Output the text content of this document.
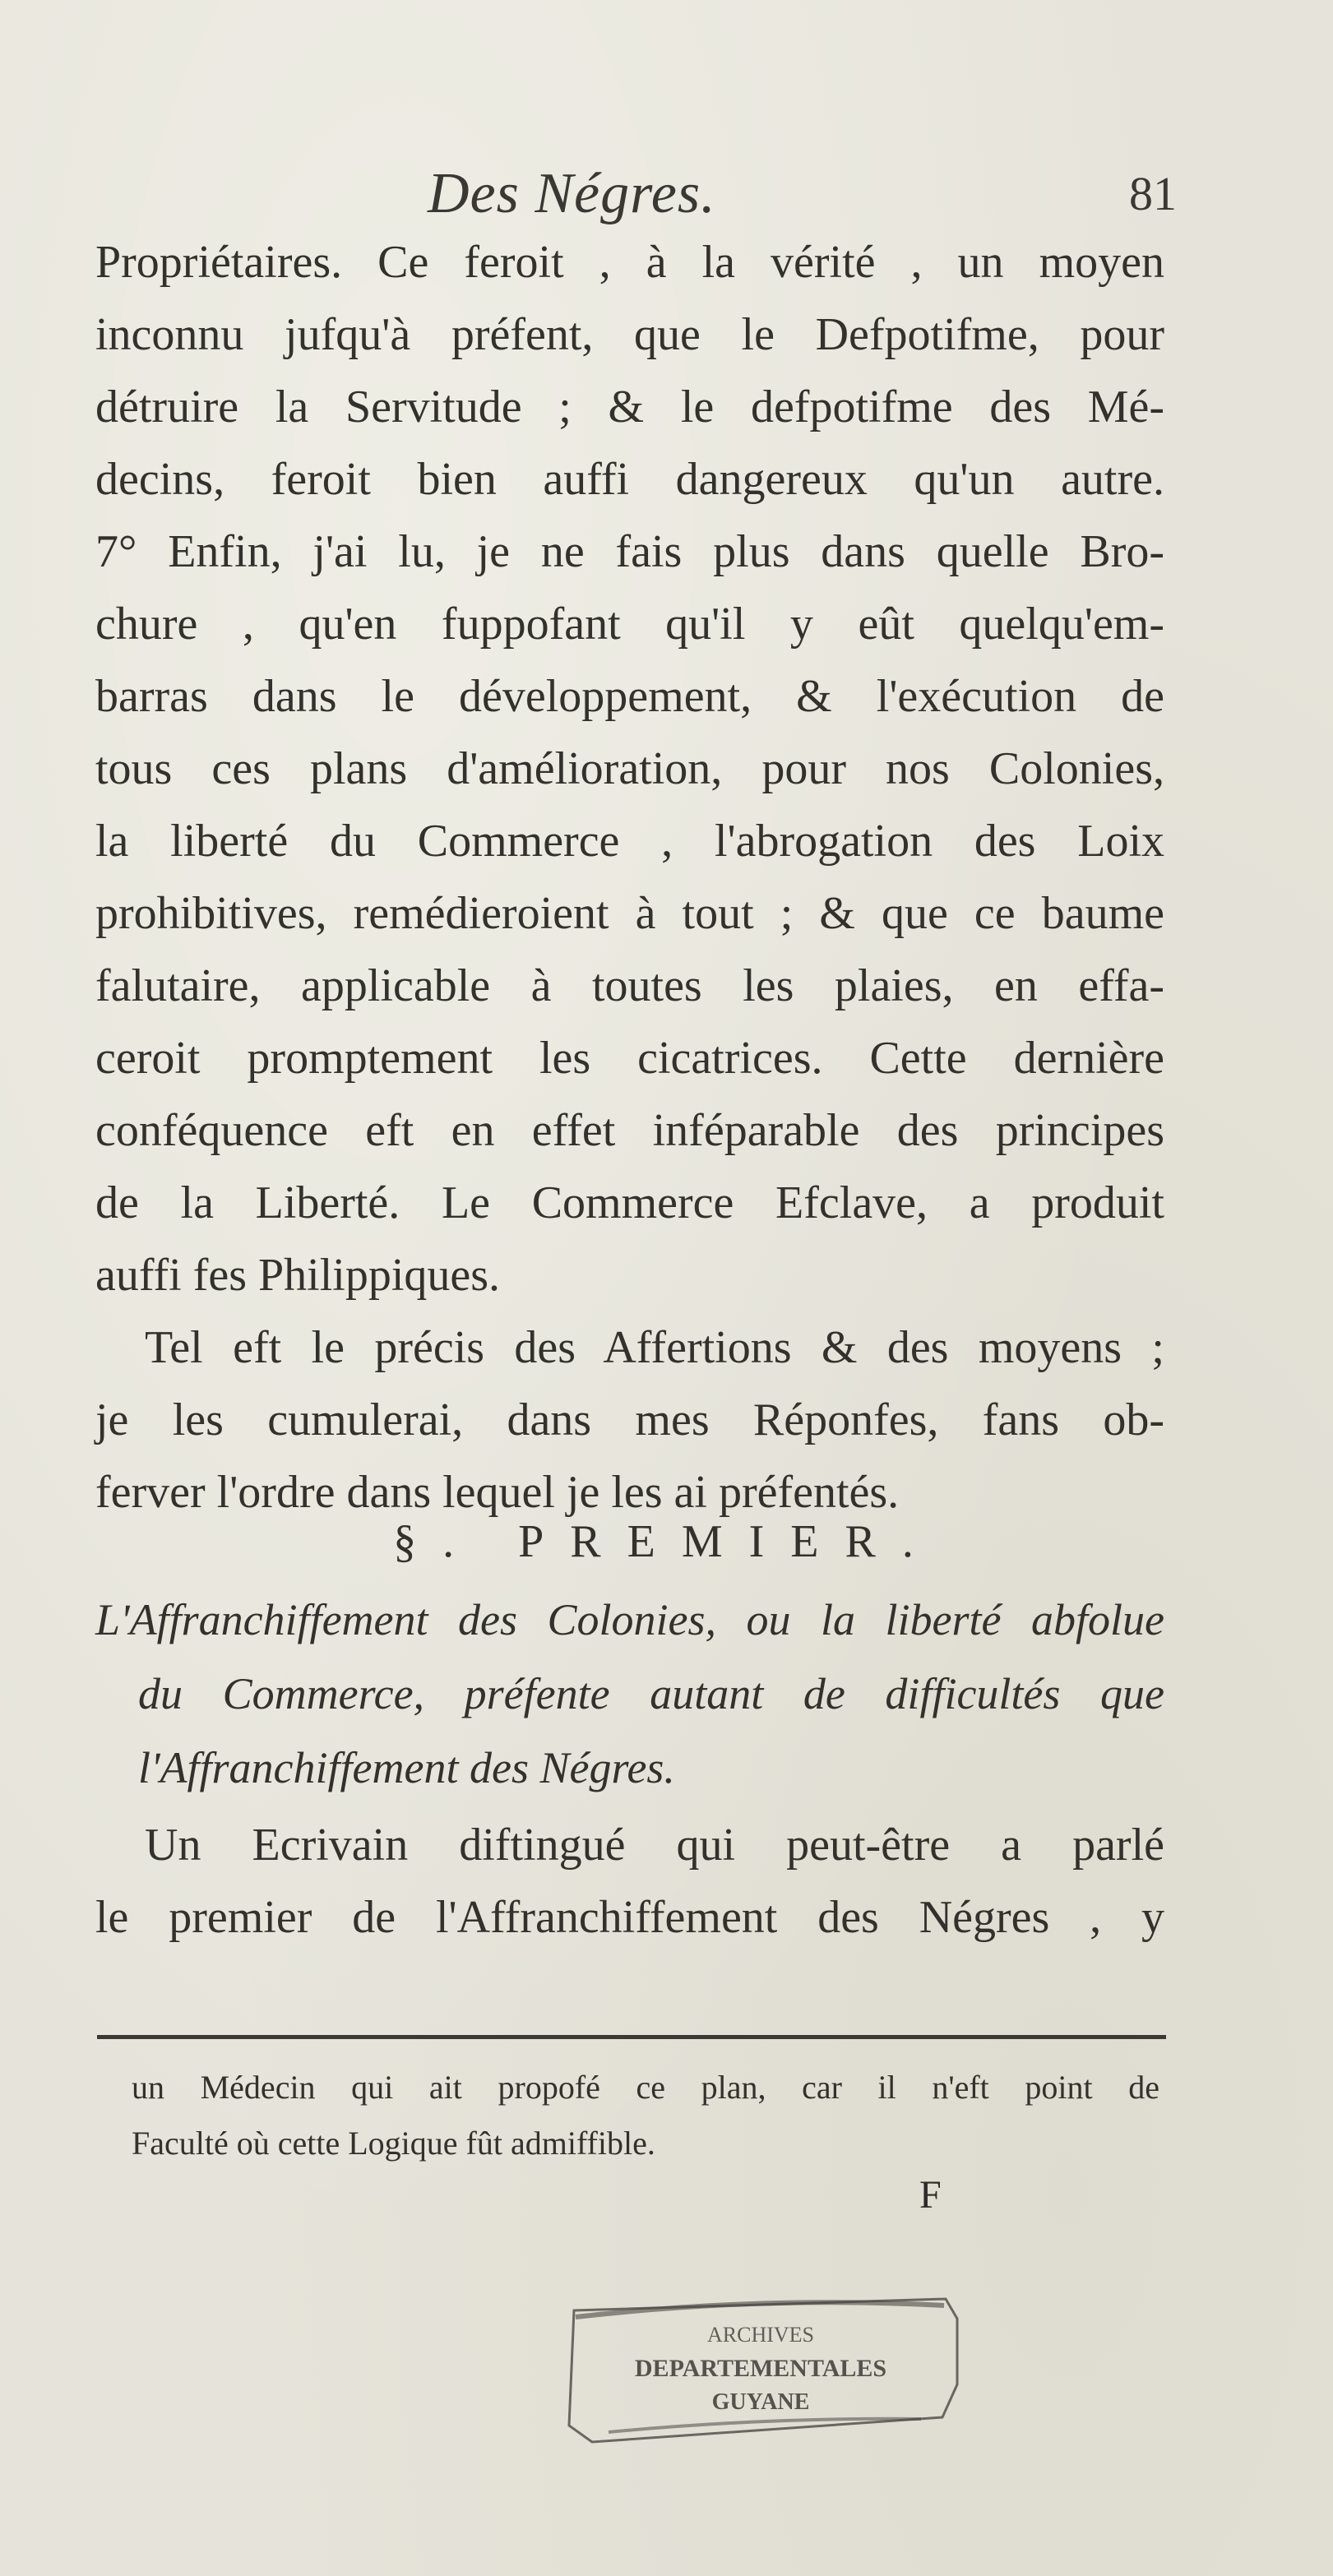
Des Négres.	81
Propriétaires. Ce feroit , à la vérité , un moyen
inconnu jufqu'à préfent, que le Defpotifme, pour
détruire la Servitude ; & le defpotifme des Mé-
decins, feroit bien auffi dangereux qu'un autre.
7° Enfin, j'ai lu, je ne fais plus dans quelle Bro-
chure , qu'en fuppofant qu'il y eût quelqu'em-
barras dans le développement, & l'exécution de
tous ces plans d'amélioration, pour nos Colonies,
la liberté du Commerce , l'abrogation des Loix
prohibitives, remédieroient à tout ; & que ce baume
falutaire, applicable à toutes les plaies, en effa-
ceroit promptement les cicatrices. Cette dernière
conféquence eft en effet inféparable des principes
de la Liberté. Le Commerce Efclave, a produit
auffi fes Philippiques.
Tel eft le précis des Affertions & des moyens ;
je les cumulerai, dans mes Réponfes, fans ob-
ferver l'ordre dans lequel je les ai préfentés.
§. PREMIER.
L'Affranchiffement des Colonies, ou la liberté abfolue
du Commerce, préfente autant de difficultés que
l'Affranchiffement des Négres.
Un Ecrivain diftingué qui peut-être a parlé
le premier de l'Affranchiffement des Négres , y
un Médecin qui ait propofé ce plan, car il n'eft point de
Faculté où cette Logique fût admiffible.
F
ARCHIVES
DEPARTEMENTALES
GUYANE
